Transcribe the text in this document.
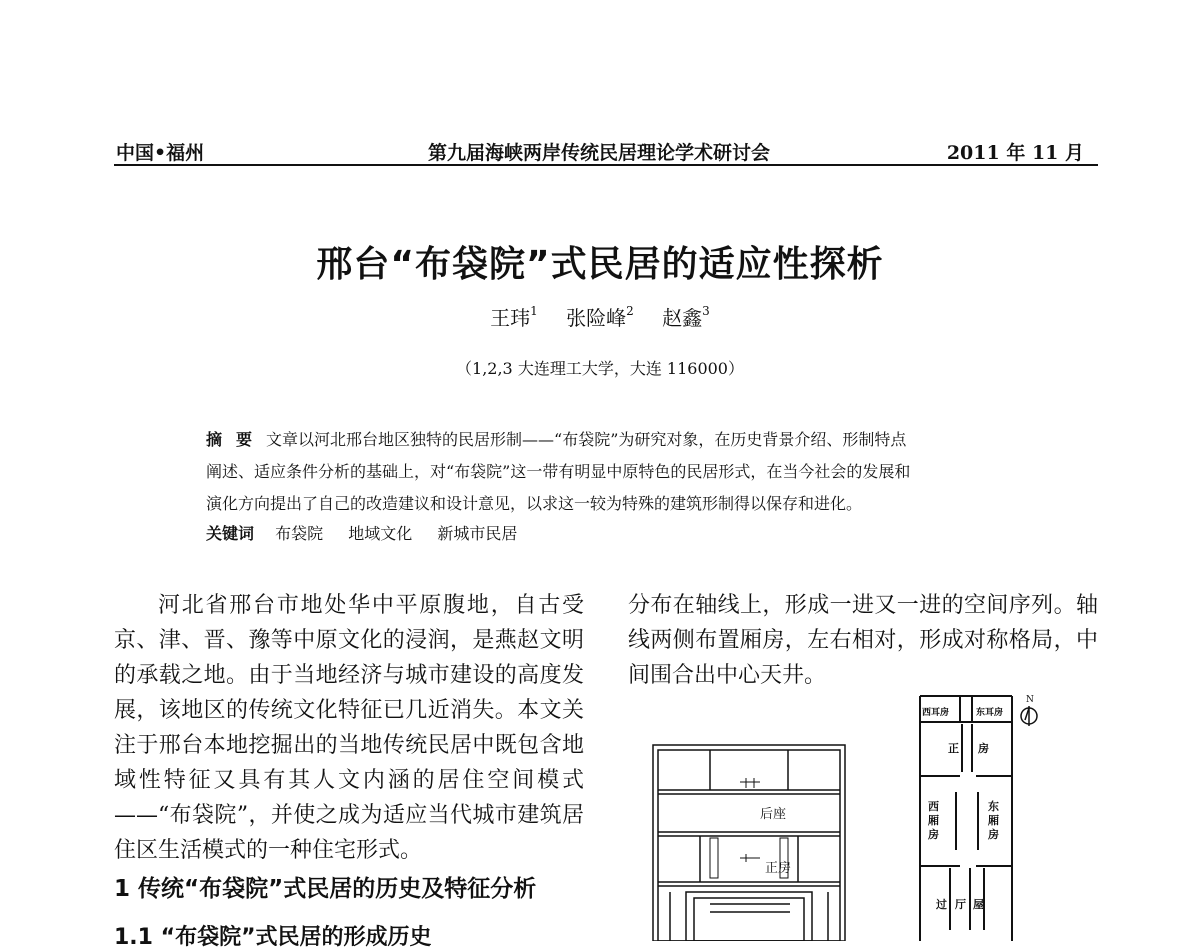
中国•福州	第九届海峡两岸传统民居理论学术研讨会	2011 年 11 月
邢台“布袋院”式民居的适应性探析
王玮$^1$ 张险峰$^2$ 赵鑫$^3$
（1,2,3 大连理工大学，大连 116000）
摘要文章以河北邢台地区独特的民居形制——“布袋院”为研究对象，在历史背景介绍、形制特点
阐述、适应条件分析的基础上，对“布袋院”这一带有明显中原特色的民居形式，在当今社会的发展和
演化方向提出了自己的改造建议和设计意见，以求这一较为特殊的建筑形制得以保存和进化。
关键词 布袋院 地域文化 新城市民居

河北省邢台市地处华中平原腹地，自古受京、津、晋、豫等中原文化的浸润，是燕赵文明的承载之地。由于当地经济与城市建设的高度发展，该地区的传统文化特征已几近消失。本文关注于邢台本地挖掘出的当地传统民居中既包含地域性特征又具有其人文内涵的居住空间模式——“布袋院”，并使之成为适应当代城市建筑居住区生活模式的一种住宅形式。

分布在轴线上，形成一进又一进的空间序列。轴线两侧布置厢房，左右相对，形成对称格局，中间围合出中心天井。

1 传统“布袋院”式民居的历史及特征分析
1.1 “布袋院”式民居的形成历史
后座
正房
N
西耳房	东耳房
正 房
西
厢
房
东
厢
房
过 厅 屋
